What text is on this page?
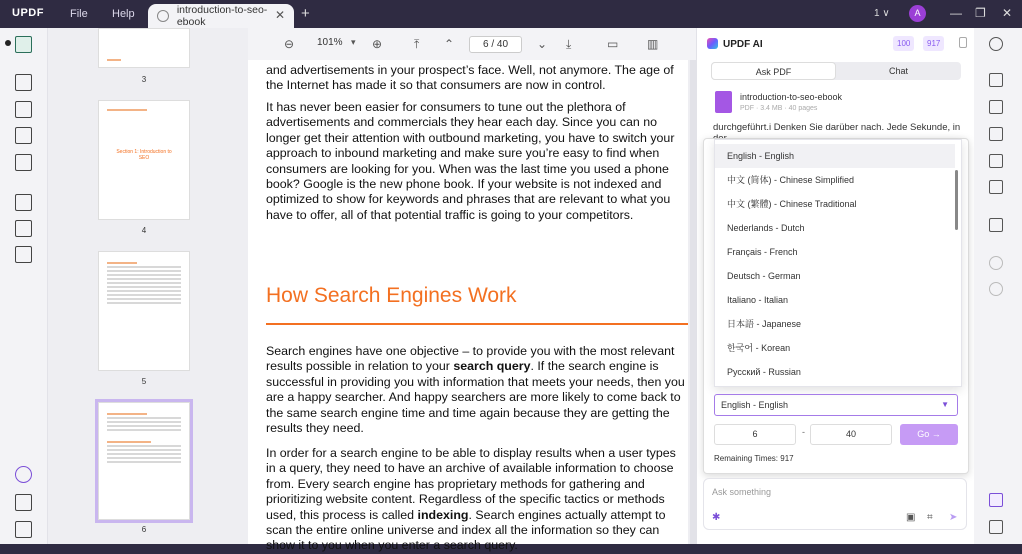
UPDF File Help	introduction-to-seo-ebook	✕ +	1 ∨	A	— ❐ ✕
3
Section 1: Introduction to SEO
4
5
6
⊖ 101% ▾ ⊕	⤒ ⌃	6 / 40	⌄ ⤓	▭ ▥

and advertisements in your prospect’s face. Well, not anymore. The age of the Internet has made it so that consumers are now in control.

It has never been easier for consumers to tune out the plethora of advertisements and commercials they hear each day. Since you can no longer get their attention with outbound marketing, you have to switch your approach to inbound marketing and make sure you’re easy to find when consumers are looking for you. When was the last time you used a phone book? Google is the new phone book. If your website is not indexed and optimized to show for keywords and phrases that are relevant to what you have to offer, all of that potential traffic is going to your competitors.

How Search Engines Work

Search engines have one objective – to provide you with the most relevant results possible in relation to your search query. If the search engine is successful in providing you with information that meets your needs, then you are a happy searcher. And happy searchers are more likely to come back to the same search engine time and time again because they are getting the results they need.

In order for a search engine to be able to display results when a user types in a query, they need to have an archive of available information to choose from. Every search engine has proprietary methods for gathering and prioritizing website content. Regardless of the specific tactics or methods used, this process is called indexing. Search engines actually attempt to scan the entire online universe and index all the information so they can show it to you when you enter a search query.

UPDF AI	100	917
Ask PDF	Chat
introduction-to-seo-ebook
PDF · 3.4 MB · 40 pages
durchgeführt.i Denken Sie darüber nach. Jede Sekunde, in
English - English
中文 (简体) - Chinese Simplified
中文 (繁體) - Chinese Traditional
Nederlands - Dutch
Français - French
Deutsch - German
Italiano - Italian
日本語 - Japanese
한국어 - Korean
Русский - Russian
English - English	▼
6	-	40	Go →
Remaining Times: 917
Ask something
✱	▣ ⌗ ➤
